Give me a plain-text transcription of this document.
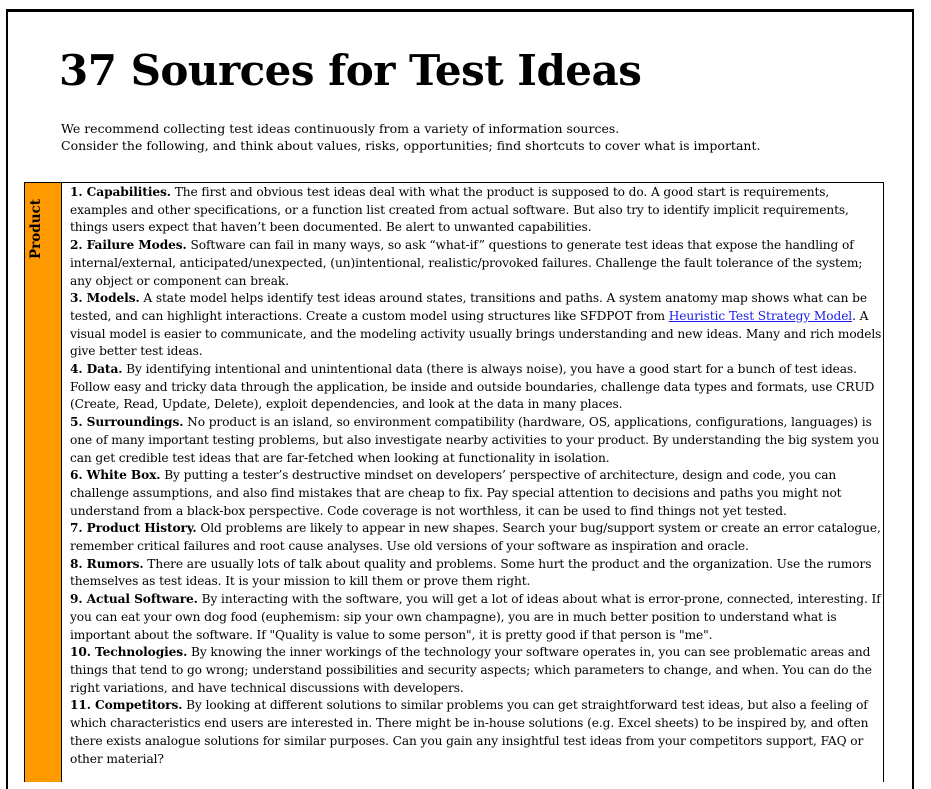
37 Sources for Test Ideas
We recommend collecting test ideas continuously from a variety of information sources.
Consider the following, and think about values, risks, opportunities; find shortcuts to cover what is important.
Product

1. Capabilities. The first and obvious test ideas deal with what the product is supposed to do. A good start is requirements, examples and other specifications, or a function list created from actual software. But also try to identify implicit requirements, things users expect that haven’t been documented. Be alert to unwanted capabilities.

2. Failure Modes. Software can fail in many ways, so ask “what-if” questions to generate test ideas that expose the handling of internal/external, anticipated/unexpected, (un)intentional, realistic/provoked failures. Challenge the fault tolerance of the system; any object or component can break.

3. Models. A state model helps identify test ideas around states, transitions and paths. A system anatomy map shows what can be tested, and can highlight interactions. Create a custom model using structures like SFDPOT from Heuristic Test Strategy Model. A visual model is easier to communicate, and the modeling activity usually brings understanding and new ideas. Many and rich models give better test ideas.

4. Data. By identifying intentional and unintentional data (there is always noise), you have a good start for a bunch of test ideas. Follow easy and tricky data through the application, be inside and outside boundaries, challenge data types and formats, use CRUD (Create, Read, Update, Delete), exploit dependencies, and look at the data in many places.

5. Surroundings. No product is an island, so environment compatibility (hardware, OS, applications, configurations, languages) is one of many important testing problems, but also investigate nearby activities to your product. By understanding the big system you can get credible test ideas that are far-fetched when looking at functionality in isolation.

6. White Box. By putting a tester’s destructive mindset on developers’ perspective of architecture, design and code, you can challenge assumptions, and also find mistakes that are cheap to fix. Pay special attention to decisions and paths you might not understand from a black-box perspective. Code coverage is not worthless, it can be used to find things not yet tested.

7. Product History. Old problems are likely to appear in new shapes. Search your bug/support system or create an error catalogue, remember critical failures and root cause analyses. Use old versions of your software as inspiration and oracle.

8. Rumors. There are usually lots of talk about quality and problems. Some hurt the product and the organization. Use the rumors themselves as test ideas. It is your mission to kill them or prove them right.

9. Actual Software. By interacting with the software, you will get a lot of ideas about what is error-prone, connected, interesting. If you can eat your own dog food (euphemism: sip your own champagne), you are in much better position to understand what is important about the software. If "Quality is value to some person", it is pretty good if that person is "me".

10. Technologies. By knowing the inner workings of the technology your software operates in, you can see problematic areas and things that tend to go wrong; understand possibilities and security aspects; which parameters to change, and when. You can do the right variations, and have technical discussions with developers.

11. Competitors. By looking at different solutions to similar problems you can get straightforward test ideas, but also a feeling of which characteristics end users are interested in. There might be in-house solutions (e.g. Excel sheets) to be inspired by, and often there exists analogue solutions for similar purposes. Can you gain any insightful test ideas from your competitors support, FAQ or other material?
